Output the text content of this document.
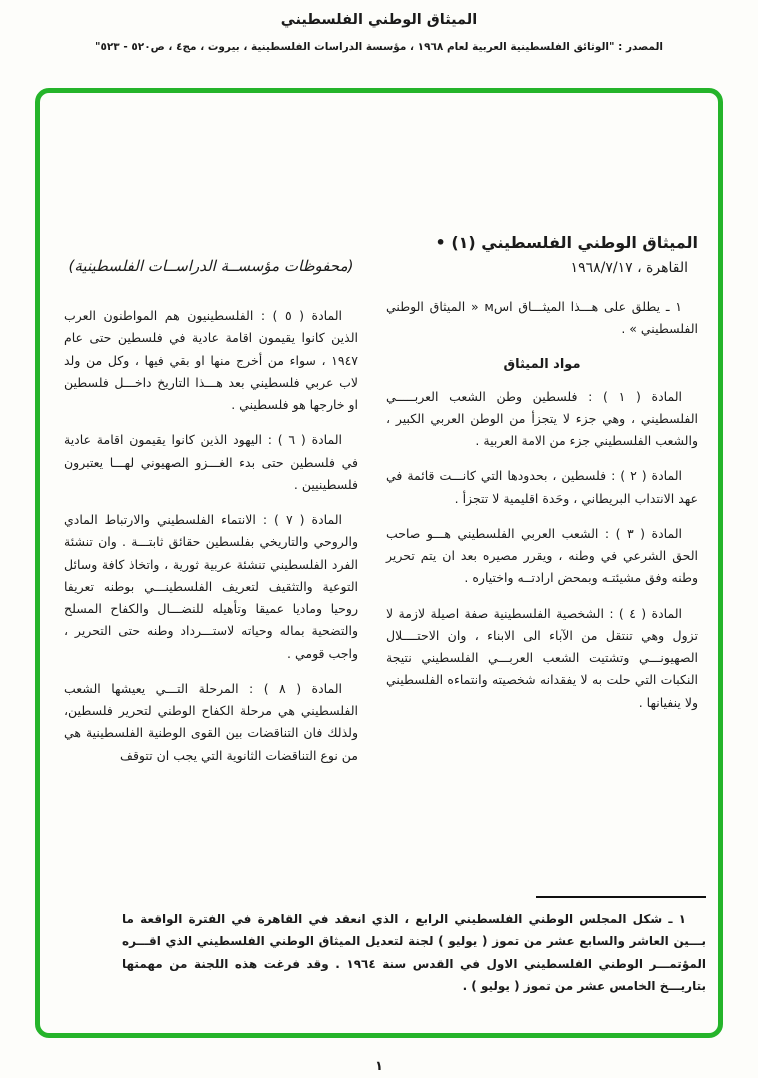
الميثاق الوطني الفلسطيني
المصدر : "الوثائق الفلسطينية العربية لعام ١٩٦٨ ، مؤسسة الدراسات الفلسطينية ، بيروت ، مج٤ ، ص٥٢٠ - ٥٢٣"
الميثاق الوطني الفلسطيني (١) •
القاهرة ، ١٩٦٨/٧/١٧

١ ـ يطلق على هـــذا الميثـــاق اسм « الميثاق الوطني الفلسطيني » .

مواد الميثاق

المادة ( ١ ) : فلسطين وطن الشعب العربـــــي الفلسطيني ، وهي جزء لا يتجزأ من الوطن العربي الكبير ، والشعب الفلسطيني جزء من الامة العربية .

المادة ( ٢ ) : فلسطين ، بحدودها التي كانـــت قائمة في عهد الانتداب البريطاني ، وحَدة اقليمية لا تتجزأ .

المادة ( ٣ ) : الشعب العربي الفلسطيني هـــو صاحب الحق الشرعي في وطنه ، ويقرر مصيره بعد ان يتم تحرير وطنه وفق مشيئتـه وبمحض ارادتــه واختياره .

المادة ( ٤ ) : الشخصية الفلسطينية صفة اصيلة لازمة لا تزول وهي تنتقل من الآباء الى الابناء ، وان الاحتــــلال الصهيونـــي وتشتيت الشعب العربـــي الفلسطيني نتيجة النكبات التي حلت به لا يفقدانه شخصيته وانتماءه الفلسطيني ولا ينفيانها .

(محفوظات مؤسســة الدراســات الفلسطينية)

المادة ( ٥ ) : الفلسطينيون هم المواطنون العرب الذين كانوا يقيمون اقامة عادية في فلسطين حتى عام ١٩٤٧ ، سواء من أخرج منها او بقي فيها ، وكل من ولد لاب عربي فلسطيني بعد هـــذا التاريخ داخـــل فلسطين او خارجها هو فلسطيني .

المادة ( ٦ ) : اليهود الذين كانوا يقيمون اقامة عادية في فلسطين حتى بدء الغـــزو الصهيوني لهـــا يعتبرون فلسطينيين .

المادة ( ٧ ) : الانتماء الفلسطيني والارتباط المادي والروحي والتاريخي بفلسطين حقائق ثابتـــة . وان تنشئة الفرد الفلسطيني تنشئة عربية ثورية ، واتخاذ كافة وسائل التوعية والتثقيف لتعريف الفلسطينـــي بوطنه تعريفا روحيا وماديا عميقا وتأهيله للنضـــال والكفاح المسلح والتضحية بماله وحياته لاستـــرداد وطنه حتى التحرير ، واجب قومي .

المادة ( ٨ ) : المرحلة التـــي يعيشها الشعب الفلسطيني هي مرحلة الكفاح الوطني لتحرير فلسطين، ولذلك فان التناقضات بين القوى الوطنية الفلسطينية هي من نوع التناقضات الثانوية التي يجب ان تتوقف

١ ـ شكل المجلس الوطني الفلسطيني الرابع ، الذي انعقد في القاهرة في الفترة الواقعة ما بـــين العاشر والسابع عشر من تموز ( يوليو ) لجنة لتعديل الميثاق الوطني الفلسطيني الذي اقـــره المؤتمـــر الوطني الفلسطيني الاول في القدس سنة ١٩٦٤ . وقد فرغت هذه اللجنة من مهمتها بتاريـــخ الخامس عشر من تموز ( يوليو ) .

١
